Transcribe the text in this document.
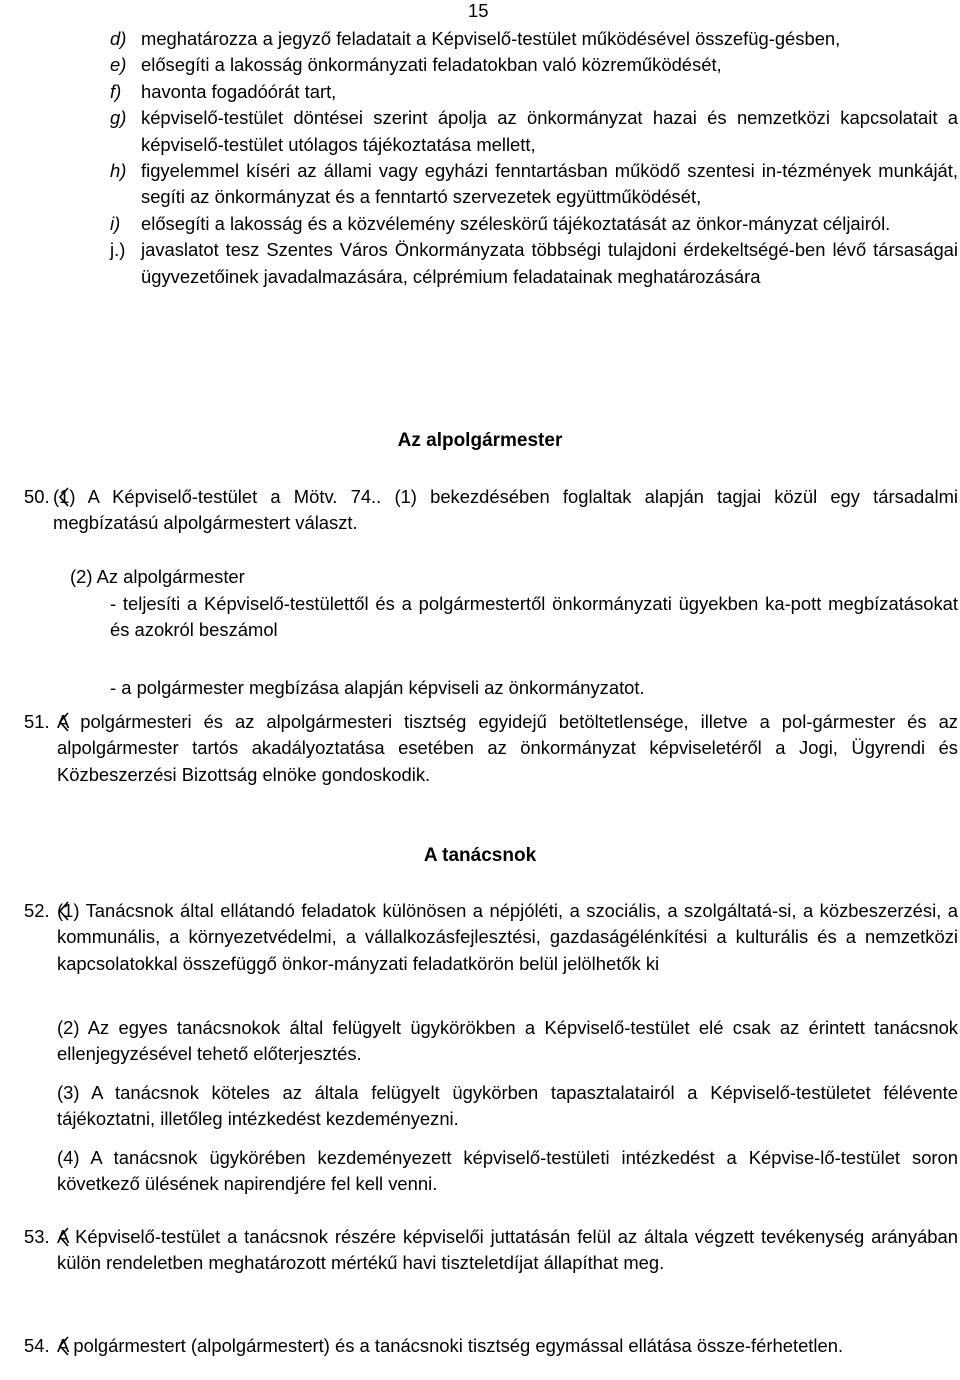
15
d) meghatározza a jegyző feladatait a Képviselő-testület működésével összefüg-gésben,
e) elősegíti a lakosság önkormányzati feladatokban való közreműködését,
f) havonta fogadóórát tart,
g) képviselő-testület döntései szerint ápolja az önkormányzat hazai és nemzetközi kapcsolatait a képviselő-testület utólagos tájékoztatása mellett,
h) figyelemmel kíséri az állami vagy egyházi fenntartásban működő szentesi in-tézmények munkáját, segíti az önkormányzat és a fenntartó szervezetek együttműködését,
i) elősegíti a lakosság és a közvélemény széleskörű tájékoztatását az önkor-mányzat céljairól.
j.) javaslatot tesz Szentes Város Önkormányzata többségi tulajdoni érdekeltségé-ben lévő társaságai ügyvezetőinek javadalmazására, célprémium feladatainak meghatározására
Az alpolgármester
50. (1) A Képviselő-testület a Mötv. 74.. (1) bekezdésében foglaltak alapján tagjai közül egy társadalmi megbízatású alpolgármestert választ.
(2) Az alpolgármester
- teljesíti a Képviselő-testülettől és a polgármestertől önkormányzati ügyekben ka-pott megbízatásokat és azokról beszámol
- a polgármester megbízása alapján képviseli az önkormányzatot.
51. A polgármesteri és az alpolgármesteri tisztség egyidejű betöltetlensége, illetve a pol-gármester és az alpolgármester tartós akadályoztatása esetében az önkormányzat képviseletéről a Jogi, Ügyrendi és Közbeszerzési Bizottság elnöke gondoskodik.
A tanácsnok
52. (1) Tanácsnok által ellátandó feladatok különösen a népjóléti, a szociális, a szolgáltatá-si, a közbeszerzési, a kommunális, a környezetvédelmi, a vállalkozásfejlesztési, gazdaságélénkítési a kulturális és a nemzetközi kapcsolatokkal összefüggő önkor-mányzati feladatkörön belül jelölhetők ki
(2) Az egyes tanácsnokok által felügyelt ügykörökben a Képviselő-testület elé csak az érintett tanácsnok ellenjegyzésével tehető előterjesztés.
(3) A tanácsnok köteles az általa felügyelt ügykörben tapasztalatairól a Képviselő-testületet félévente tájékoztatni, illetőleg intézkedést kezdeményezni.
(4) A tanácsnok ügykörében kezdeményezett képviselő-testületi intézkedést a Képvise-lő-testület soron következő ülésének napirendjére fel kell venni.
53. A Képviselő-testület a tanácsnok részére képviselői juttatásán felül az általa végzett tevékenység arányában külön rendeletben meghatározott mértékű havi tiszteletdíjat állapíthat meg.
54. A polgármestert (alpolgármestert) és a tanácsnoki tisztség egymással ellátása össze-férhetetlen.
